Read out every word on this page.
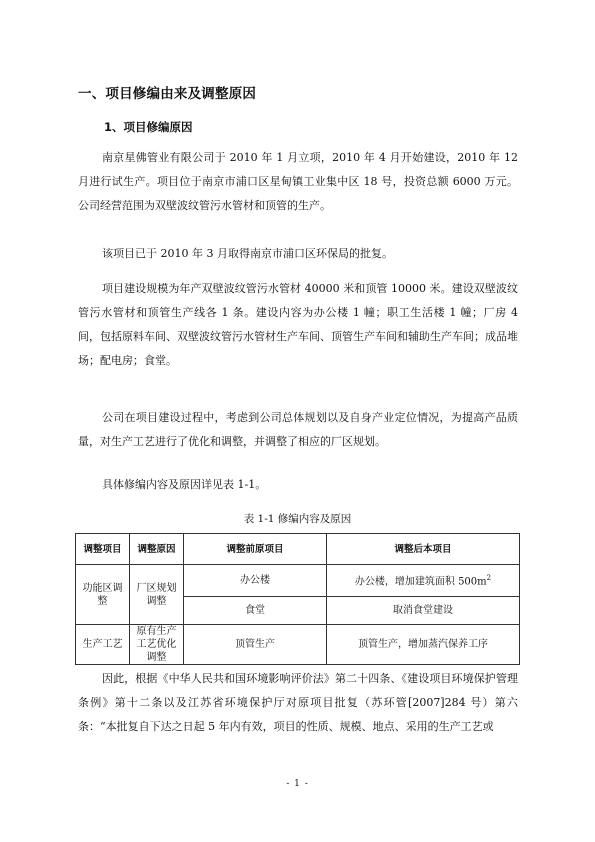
一、项目修编由来及调整原因
1、项目修编原因

南京星佛管业有限公司于 2010 年 1 月立项，2010 年 4 月开始建设，2010 年 12 月进行试生产。项目位于南京市浦口区星甸镇工业集中区 18 号，投资总额 6000 万元。公司经营范围为双壁波纹管污水管材和顶管的生产。

该项目已于 2010 年 3 月取得南京市浦口区环保局的批复。

项目建设规模为年产双壁波纹管污水管材 40000 米和顶管 10000 米。建设双壁波纹管污水管材和顶管生产线各 1 条。建设内容为办公楼 1 幢；职工生活楼 1 幢；厂房 4 间，包括原料车间、双壁波纹管污水管材生产车间、顶管生产车间和辅助生产车间；成品堆场；配电房；食堂。

公司在项目建设过程中，考虑到公司总体规划以及自身产业定位情况，为提高产品质量，对生产工艺进行了优化和调整，并调整了相应的厂区规划。

具体修编内容及原因详见表 1-1。

表 1-1 修编内容及原因
调整项目	调整原因	调整前原项目	调整后本项目
功能区调整	厂区规划调整	办公楼	办公楼，增加建筑面积 $500m^2$
		食堂	取消食堂建设
生产工艺	原有生产工艺优化调整	顶管生产	顶管生产，增加蒸汽保养工序

因此，根据《中华人民共和国环境影响评价法》第二十四条、《建设项目环境保护管理条例》第十二条以及江苏省环境保护厅对原项目批复（苏环管[2007]284 号）第六条：“本批复自下达之日起 5 年内有效，项目的性质、规模、地点、采用的生产工艺或

- 1 -
